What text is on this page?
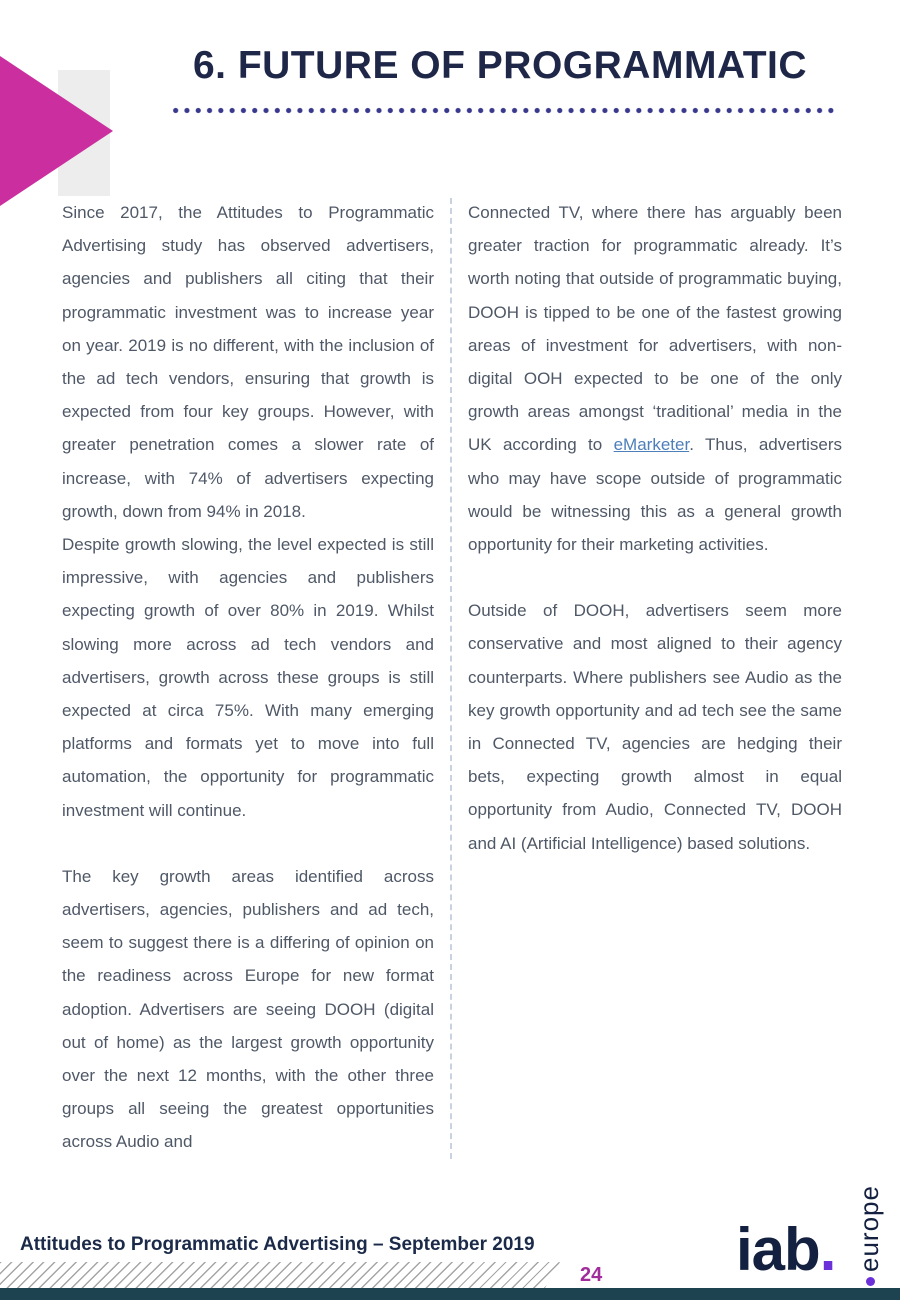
6. FUTURE OF PROGRAMMATIC

Since 2017, the Attitudes to Programmatic Advertising study has observed advertisers, agencies and publishers all citing that their programmatic investment was to increase year on year. 2019 is no different, with the inclusion of the ad tech vendors, ensuring that growth is expected from four key groups. However, with greater penetration comes a slower rate of increase, with 74% of advertisers expecting growth, down from 94% in 2018.

Despite growth slowing, the level expected is still impressive, with agencies and publishers expecting growth of over 80% in 2019. Whilst slowing more across ad tech vendors and advertisers, growth across these groups is still expected at circa 75%. With many emerging platforms and formats yet to move into full automation, the opportunity for programmatic investment will continue.

The key growth areas identified across advertisers, agencies, publishers and ad tech, seem to suggest there is a differing of opinion on the readiness across Europe for new format adoption. Advertisers are seeing DOOH (digital out of home) as the largest growth opportunity over the next 12 months, with the other three groups all seeing the greatest opportunities across Audio and

Connected TV, where there has arguably been greater traction for programmatic already. It’s worth noting that outside of programmatic buying, DOOH is tipped to be one of the fastest growing areas of investment for advertisers, with non-digital OOH expected to be one of the only growth areas amongst ‘traditional’ media in the UK according to eMarketer. Thus, advertisers who may have scope outside of programmatic would be witnessing this as a general growth opportunity for their marketing activities.

Outside of DOOH, advertisers seem more conservative and most aligned to their agency counterparts. Where publishers see Audio as the key growth opportunity and ad tech see the same in Connected TV, agencies are hedging their bets, expecting growth almost in equal opportunity from Audio, Connected TV, DOOH and AI (Artificial Intelligence) based solutions.

Attitudes to Programmatic Advertising – September 2019
24 iab. europe
